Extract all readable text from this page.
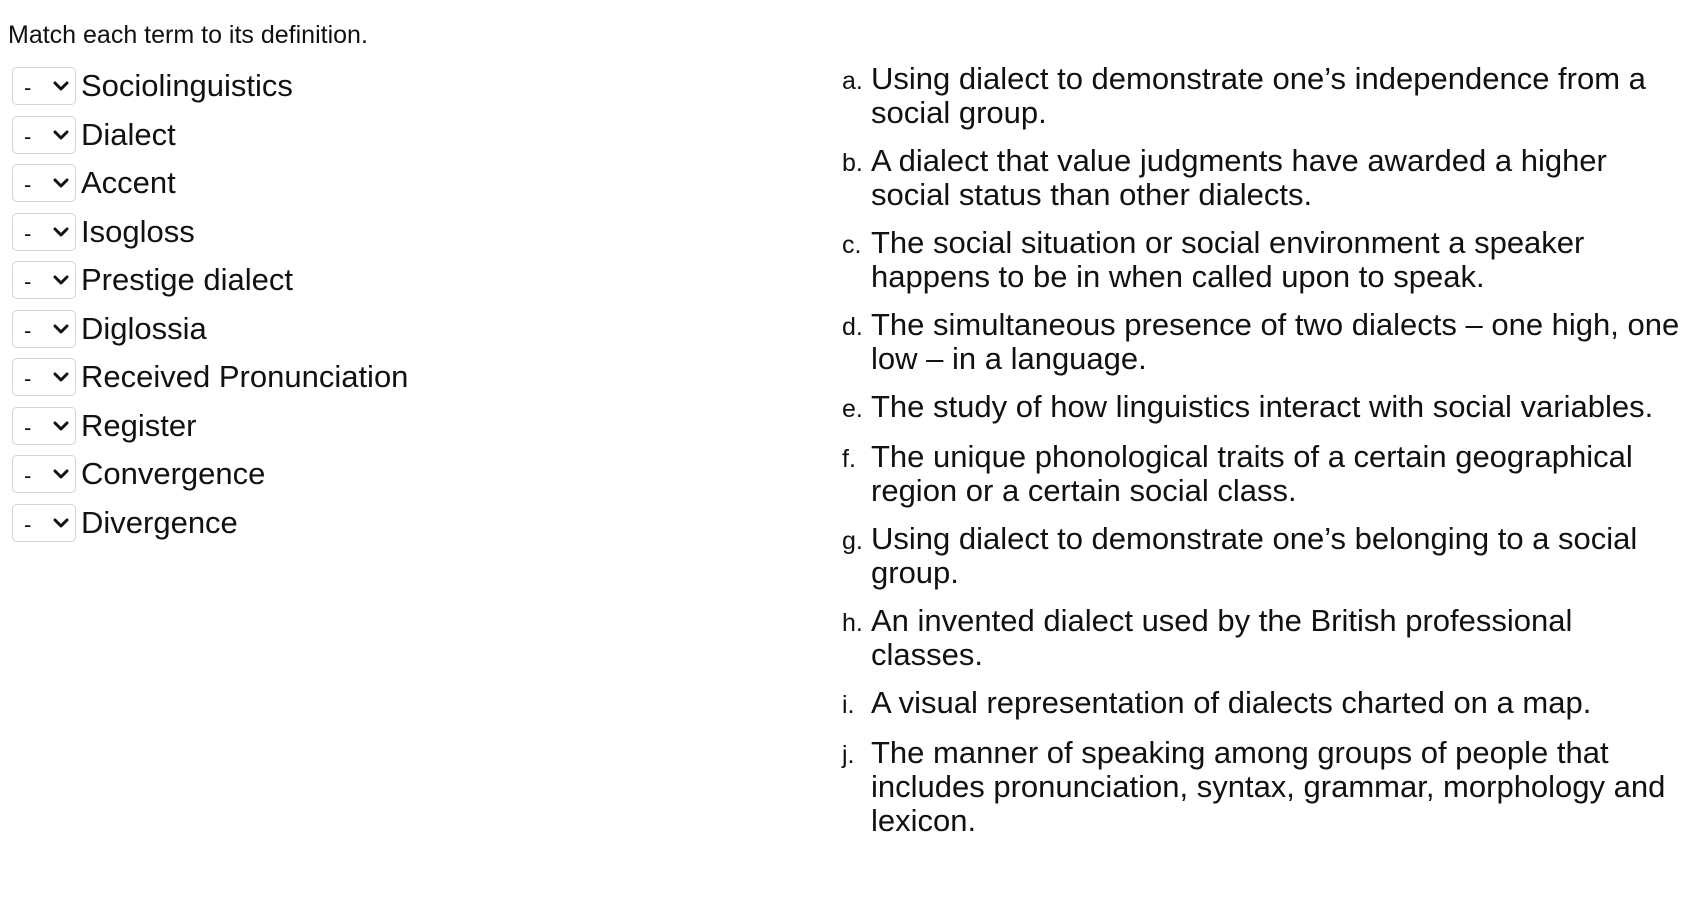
Match each term to its definition.
- Sociolinguistics
- Dialect
- Accent
- Isogloss
- Prestige dialect
- Diglossia
- Received Pronunciation
- Register
- Convergence
- Divergence
a. Using dialect to demonstrate one’s independence from a social group.
b. A dialect that value judgments have awarded a higher social status than other dialects.
c. The social situation or social environment a speaker happens to be in when called upon to speak.
d. The simultaneous presence of two dialects – one high, one low – in a language.
e. The study of how linguistics interact with social variables.
f. The unique phonological traits of a certain geographical region or a certain social class.
g. Using dialect to demonstrate one’s belonging to a social group.
h. An invented dialect used by the British professional classes.
i. A visual representation of dialects charted on a map.
j. The manner of speaking among groups of people that includes pronunciation, syntax, grammar, morphology and lexicon.
